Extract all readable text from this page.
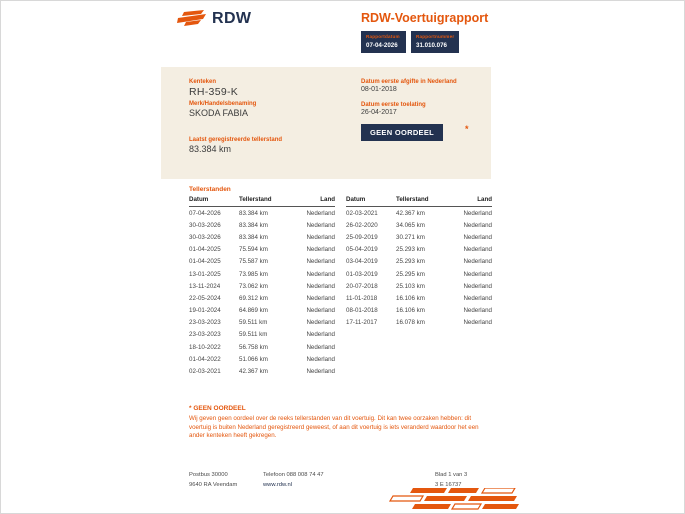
RDW	RDW-Voertuigrapport
Rapportdatum
07-04-2026
Rapportnummer
31.010.076
Kenteken
RH-359-K
Merk/Handelsbenaming
SKODA FABIA
Laatst geregistreerde tellerstand
83.384 km
Datum eerste afgifte in Nederland
08-01-2018
Datum eerste toelating
26-04-2017
GEEN OORDEEL	*
Tellerstanden
Datum	Tellerstand	Land
07-04-2026	83.384 km	Nederland
30-03-2026	83.384 km	Nederland
30-03-2026	83.384 km	Nederland
01-04-2025	75.594 km	Nederland
01-04-2025	75.587 km	Nederland
13-01-2025	73.985 km	Nederland
13-11-2024	73.062 km	Nederland
22-05-2024	69.312 km	Nederland
19-01-2024	64.869 km	Nederland
23-03-2023	59.511 km	Nederland
23-03-2023	59.511 km	Nederland
18-10-2022	56.758 km	Nederland
01-04-2022	51.066 km	Nederland
02-03-2021	42.367 km	Nederland
Datum	Tellerstand	Land
02-03-2021	42.367 km	Nederland
26-02-2020	34.065 km	Nederland
25-09-2019	30.271 km	Nederland
05-04-2019	25.293 km	Nederland
03-04-2019	25.293 km	Nederland
01-03-2019	25.295 km	Nederland
20-07-2018	25.103 km	Nederland
11-01-2018	16.106 km	Nederland
08-01-2018	16.106 km	Nederland
17-11-2017	16.078 km	Nederland
* GEEN OORDEEL
Wij geven geen oordeel over de reeks tellerstanden van dit voertuig. Dit kan twee oorzaken hebben: dit voertuig is buiten Nederland geregistreerd geweest, of aan dit voertuig is iets veranderd waardoor het een ander kenteken heeft gekregen.
Postbus 30000
9640 RA Veendam
Telefoon 088 008 74 47
www.rdw.nl
Blad 1 van 3
3 E 16737
